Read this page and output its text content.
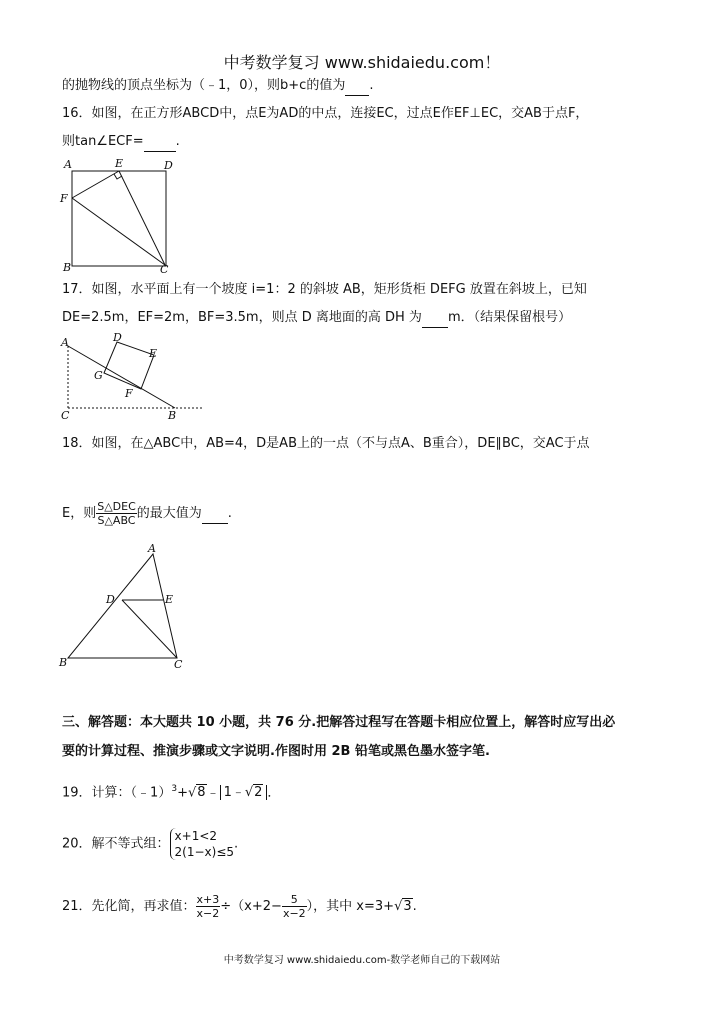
中考数学复习 www.shidaiedu.com！
的抛物线的顶点坐标为（﹣1，0），则b+c的值为 .
16．如图，在正方形ABCD中，点E为AD的中点，连接EC，过点E作EF⊥EC，交AB于点F，
则tan∠ECF= .
A	E	D
F
B	C
17．如图，水平面上有一个坡度 i=1：2 的斜坡 AB，矩形货柜 DEFG 放置在斜坡上，已知
DE=2.5m，EF=2m，BF=3.5m，则点 D 离地面的高 DH 为 m．（结果保留根号）
A	D
E
G
F
C	B
18．如图，在△ABC中，AB=4，D是AB上的一点（不与点A、B重合），DE∥BC，交AC于点
E，则 $\frac{\text{S△DEC}}{\text{S△ABC}}$ 的最大值为 .
A
D	E
B	C
三、解答题：本大题共 10 小题，共 76 分.把解答过程写在答题卡相应位置上，解答时应写出必
要的计算过程、推演步骤或文字说明.作图时用 2B 铅笔或黑色墨水签字笔.
19．计算：（﹣1）$^3$+√8﹣ 1﹣√2 ．
20．解不等式组：
x+1<2
2(1−x)≤5
.
21．先化简，再求值： $\frac{x+3}{x-2} \div(x+2- \frac{5}{x-2}$ ），其中 x=3+√3.
中考数学复习 www.shidaiedu.com-数学老师自己的下载网站
